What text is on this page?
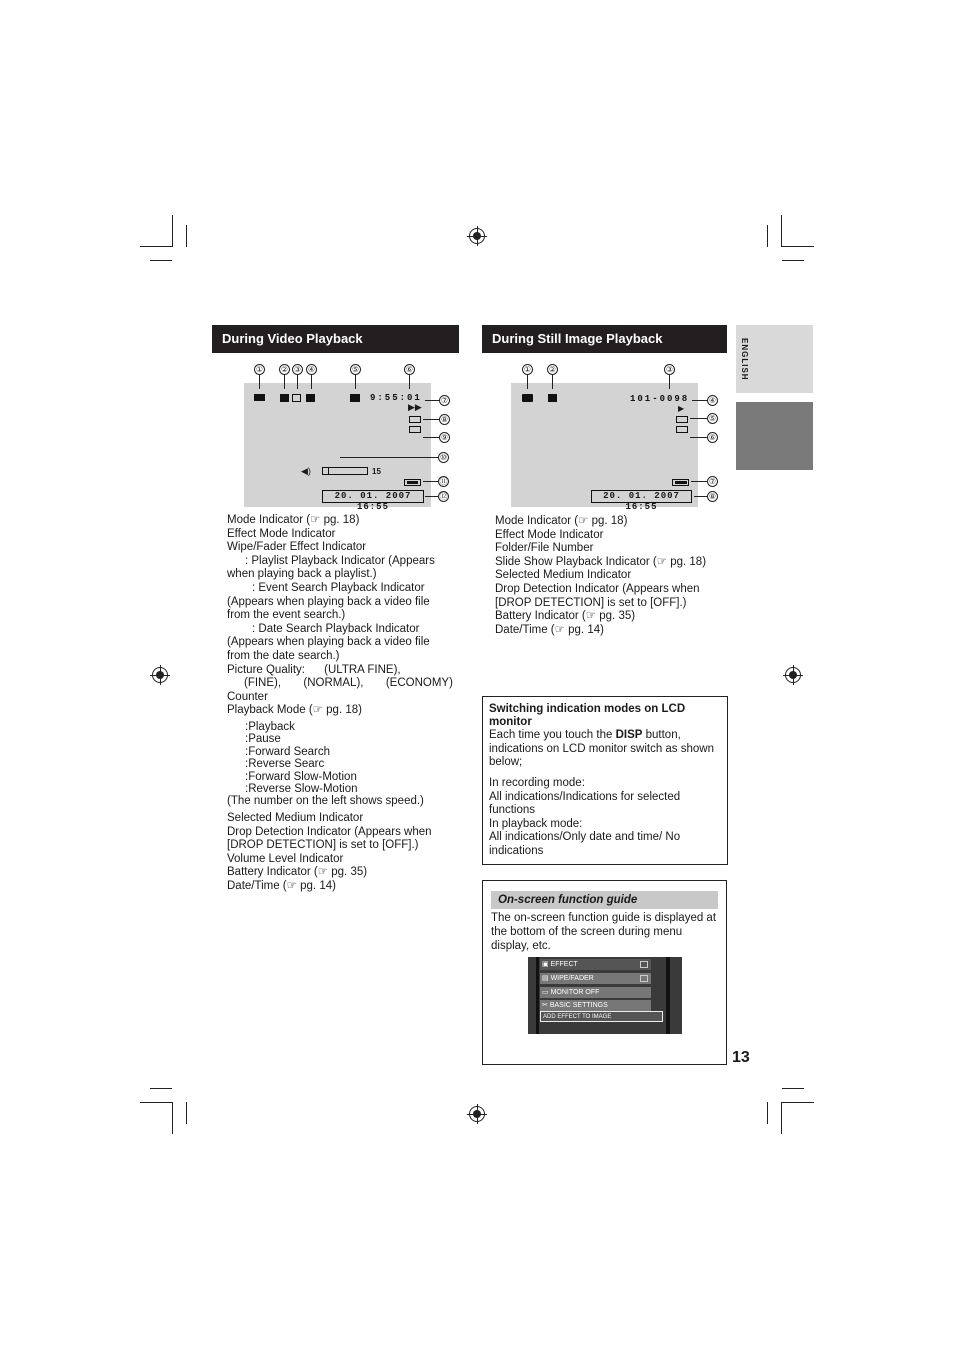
ENGLISH
During Video Playback
① ② ③ ④	⑤	⑥
9:55:01
▶▶
◀)	15
20. 01. 2007 16:55
⑦
⑧
⑨
⑩
⑪
⑫

Mode Indicator (☞ pg. 18)

Effect Mode Indicator

Wipe/Fader Effect Indicator

: Playlist Playback Indicator (Appears

when playing back a playlist.)

: Event Search Playback Indicator

(Appears when playing back a video file

from the event search.)

: Date Search Playback Indicator

(Appears when playing back a video file

from the date search.)

Picture Quality:      (ULTRA FINE),

(FINE),       (NORMAL),       (ECONOMY)

Counter

Playback Mode (☞ pg. 18)

:Playback

:Pause

:Forward Search

:Reverse Searc

:Forward Slow-Motion

:Reverse Slow-Motion

(The number on the left shows speed.)

Selected Medium Indicator

Drop Detection Indicator (Appears when

[DROP DETECTION] is set to [OFF].)

Volume Level Indicator

Battery Indicator (☞ pg. 35)

Date/Time (☞ pg. 14)

During Still Image Playback
① ②	③
101-0098
▶
20. 01. 2007 16:55
④
⑤
⑥
⑦
⑧

Mode Indicator (☞ pg. 18)

Effect Mode Indicator

Folder/File Number

Slide Show Playback Indicator (☞ pg. 18)

Selected Medium Indicator

Drop Detection Indicator (Appears when

[DROP DETECTION] is set to [OFF].)

Battery Indicator (☞ pg. 35)

Date/Time (☞ pg. 14)

Switching indication modes on LCD monitor
Each time you touch the DISP button, indications on LCD monitor switch as shown below;

In recording mode:

All indications/Indications for selected functions

In playback mode:

All indications/Only date and time/ No indications

On-screen function guide
The on-screen function guide is displayed at the bottom of the screen during menu display, etc.
▣ EFFECT
▤ WIPE/FADER
▭ MONITOR OFF
✂ BASIC SETTINGS
ADD EFFECT TO IMAGE
13
